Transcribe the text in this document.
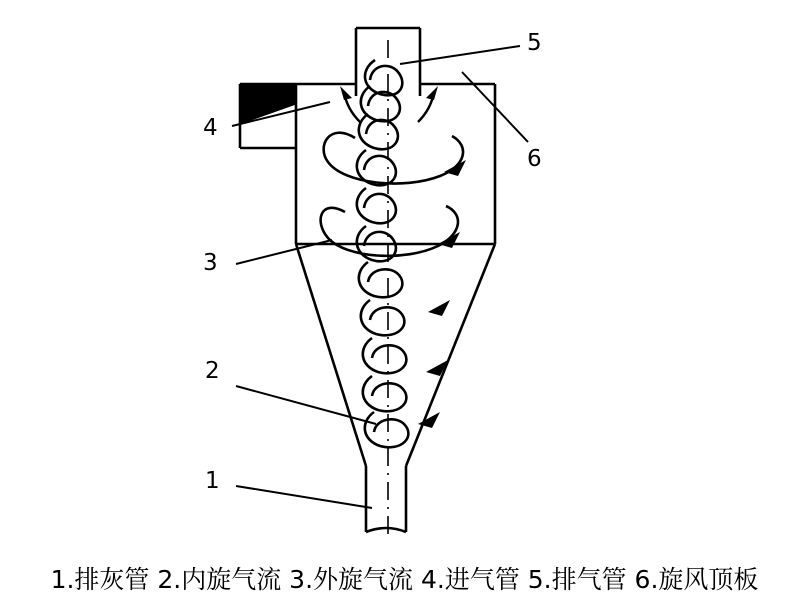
1
2
3
4
5
6
1.排灰管 2.内旋气流 3.外旋气流 4.进气管 5.排气管 6.旋风顶板
